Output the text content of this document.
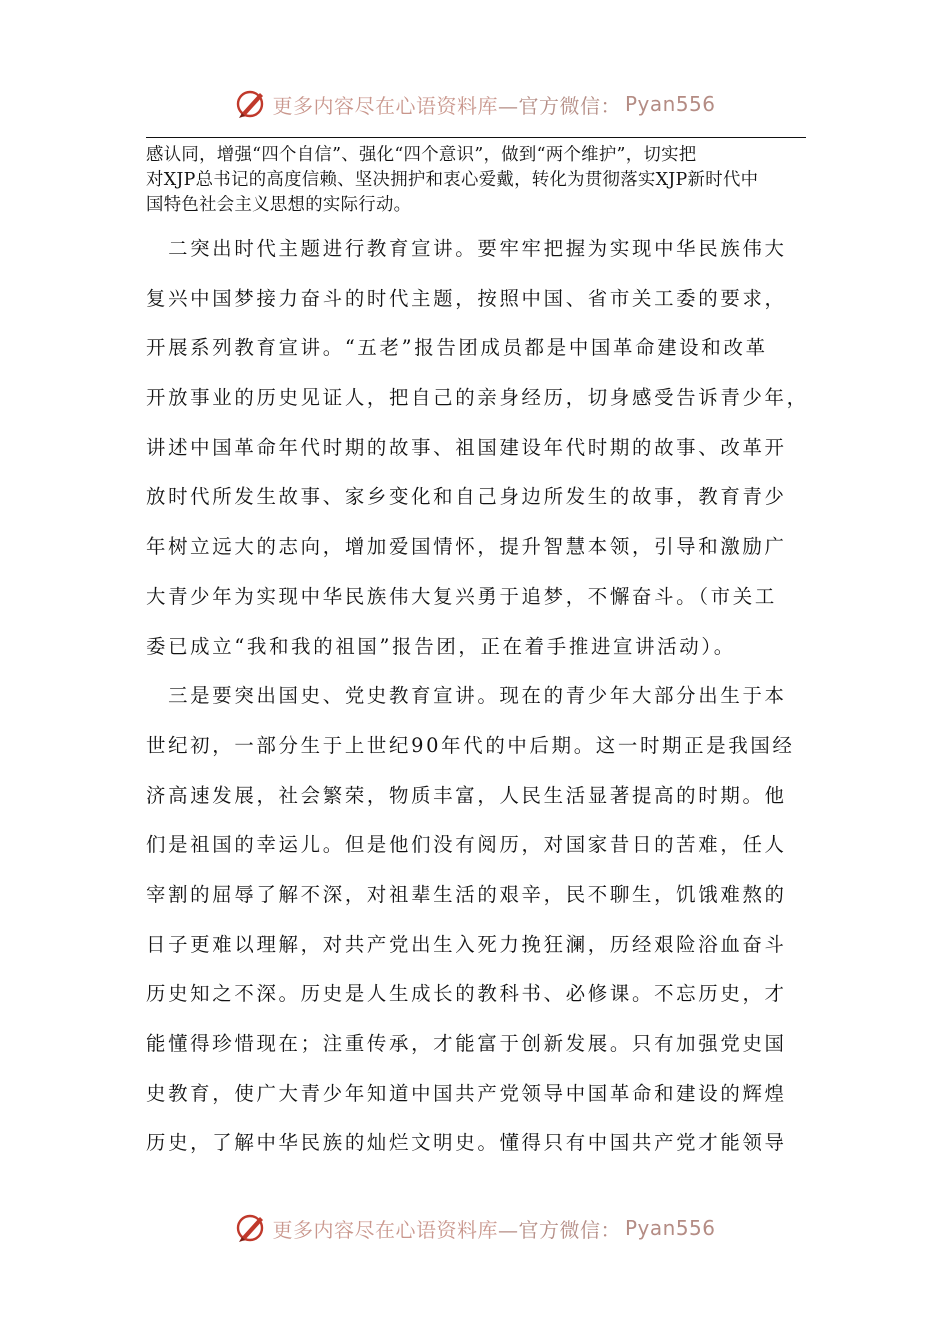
更多内容尽在心语资料库 —官方微信： Pyan556
感认同，增强“四个自信”、强化“四个意识”，做到“两个维护”，切实把
对XJP总书记的高度信赖、坚决拥护和衷心爱戴，转化为贯彻落实XJP新时代中
国特色社会主义思想的实际行动。
　二突出时代主题进行教育宣讲。要牢牢把握为实现中华民族伟大
复兴中国梦接力奋斗的时代主题，按照中国、省市关工委的要求，
开展系列教育宣讲。“五老”报告团成员都是中国革命建设和改革
开放事业的历史见证人，把自己的亲身经历，切身感受告诉青少年，
讲述中国革命年代时期的故事、祖国建设年代时期的故事、改革开
放时代所发生故事、家乡变化和自己身边所发生的故事，教育青少
年树立远大的志向，增加爱国情怀，提升智慧本领，引导和激励广
大青少年为实现中华民族伟大复兴勇于追梦，不懈奋斗。（市关工
委已成立“我和我的祖国”报告团，正在着手推进宣讲活动）。
　三是要突出国史、党史教育宣讲。现在的青少年大部分出生于本
世纪初，一部分生于上世纪90年代的中后期。这一时期正是我国经
济高速发展，社会繁荣，物质丰富，人民生活显著提高的时期。他
们是祖国的幸运儿。但是他们没有阅历，对国家昔日的苦难，任人
宰割的屈辱了解不深，对祖辈生活的艰辛，民不聊生，饥饿难熬的
日子更难以理解，对共产党出生入死力挽狂澜，历经艰险浴血奋斗
历史知之不深。历史是人生成长的教科书、必修课。不忘历史，才
能懂得珍惜现在；注重传承，才能富于创新发展。只有加强党史国
史教育，使广大青少年知道中国共产党领导中国革命和建设的辉煌
历史，了解中华民族的灿烂文明史。懂得只有中国共产党才能领导
更多内容尽在心语资料库 —官方微信： Pyan556
